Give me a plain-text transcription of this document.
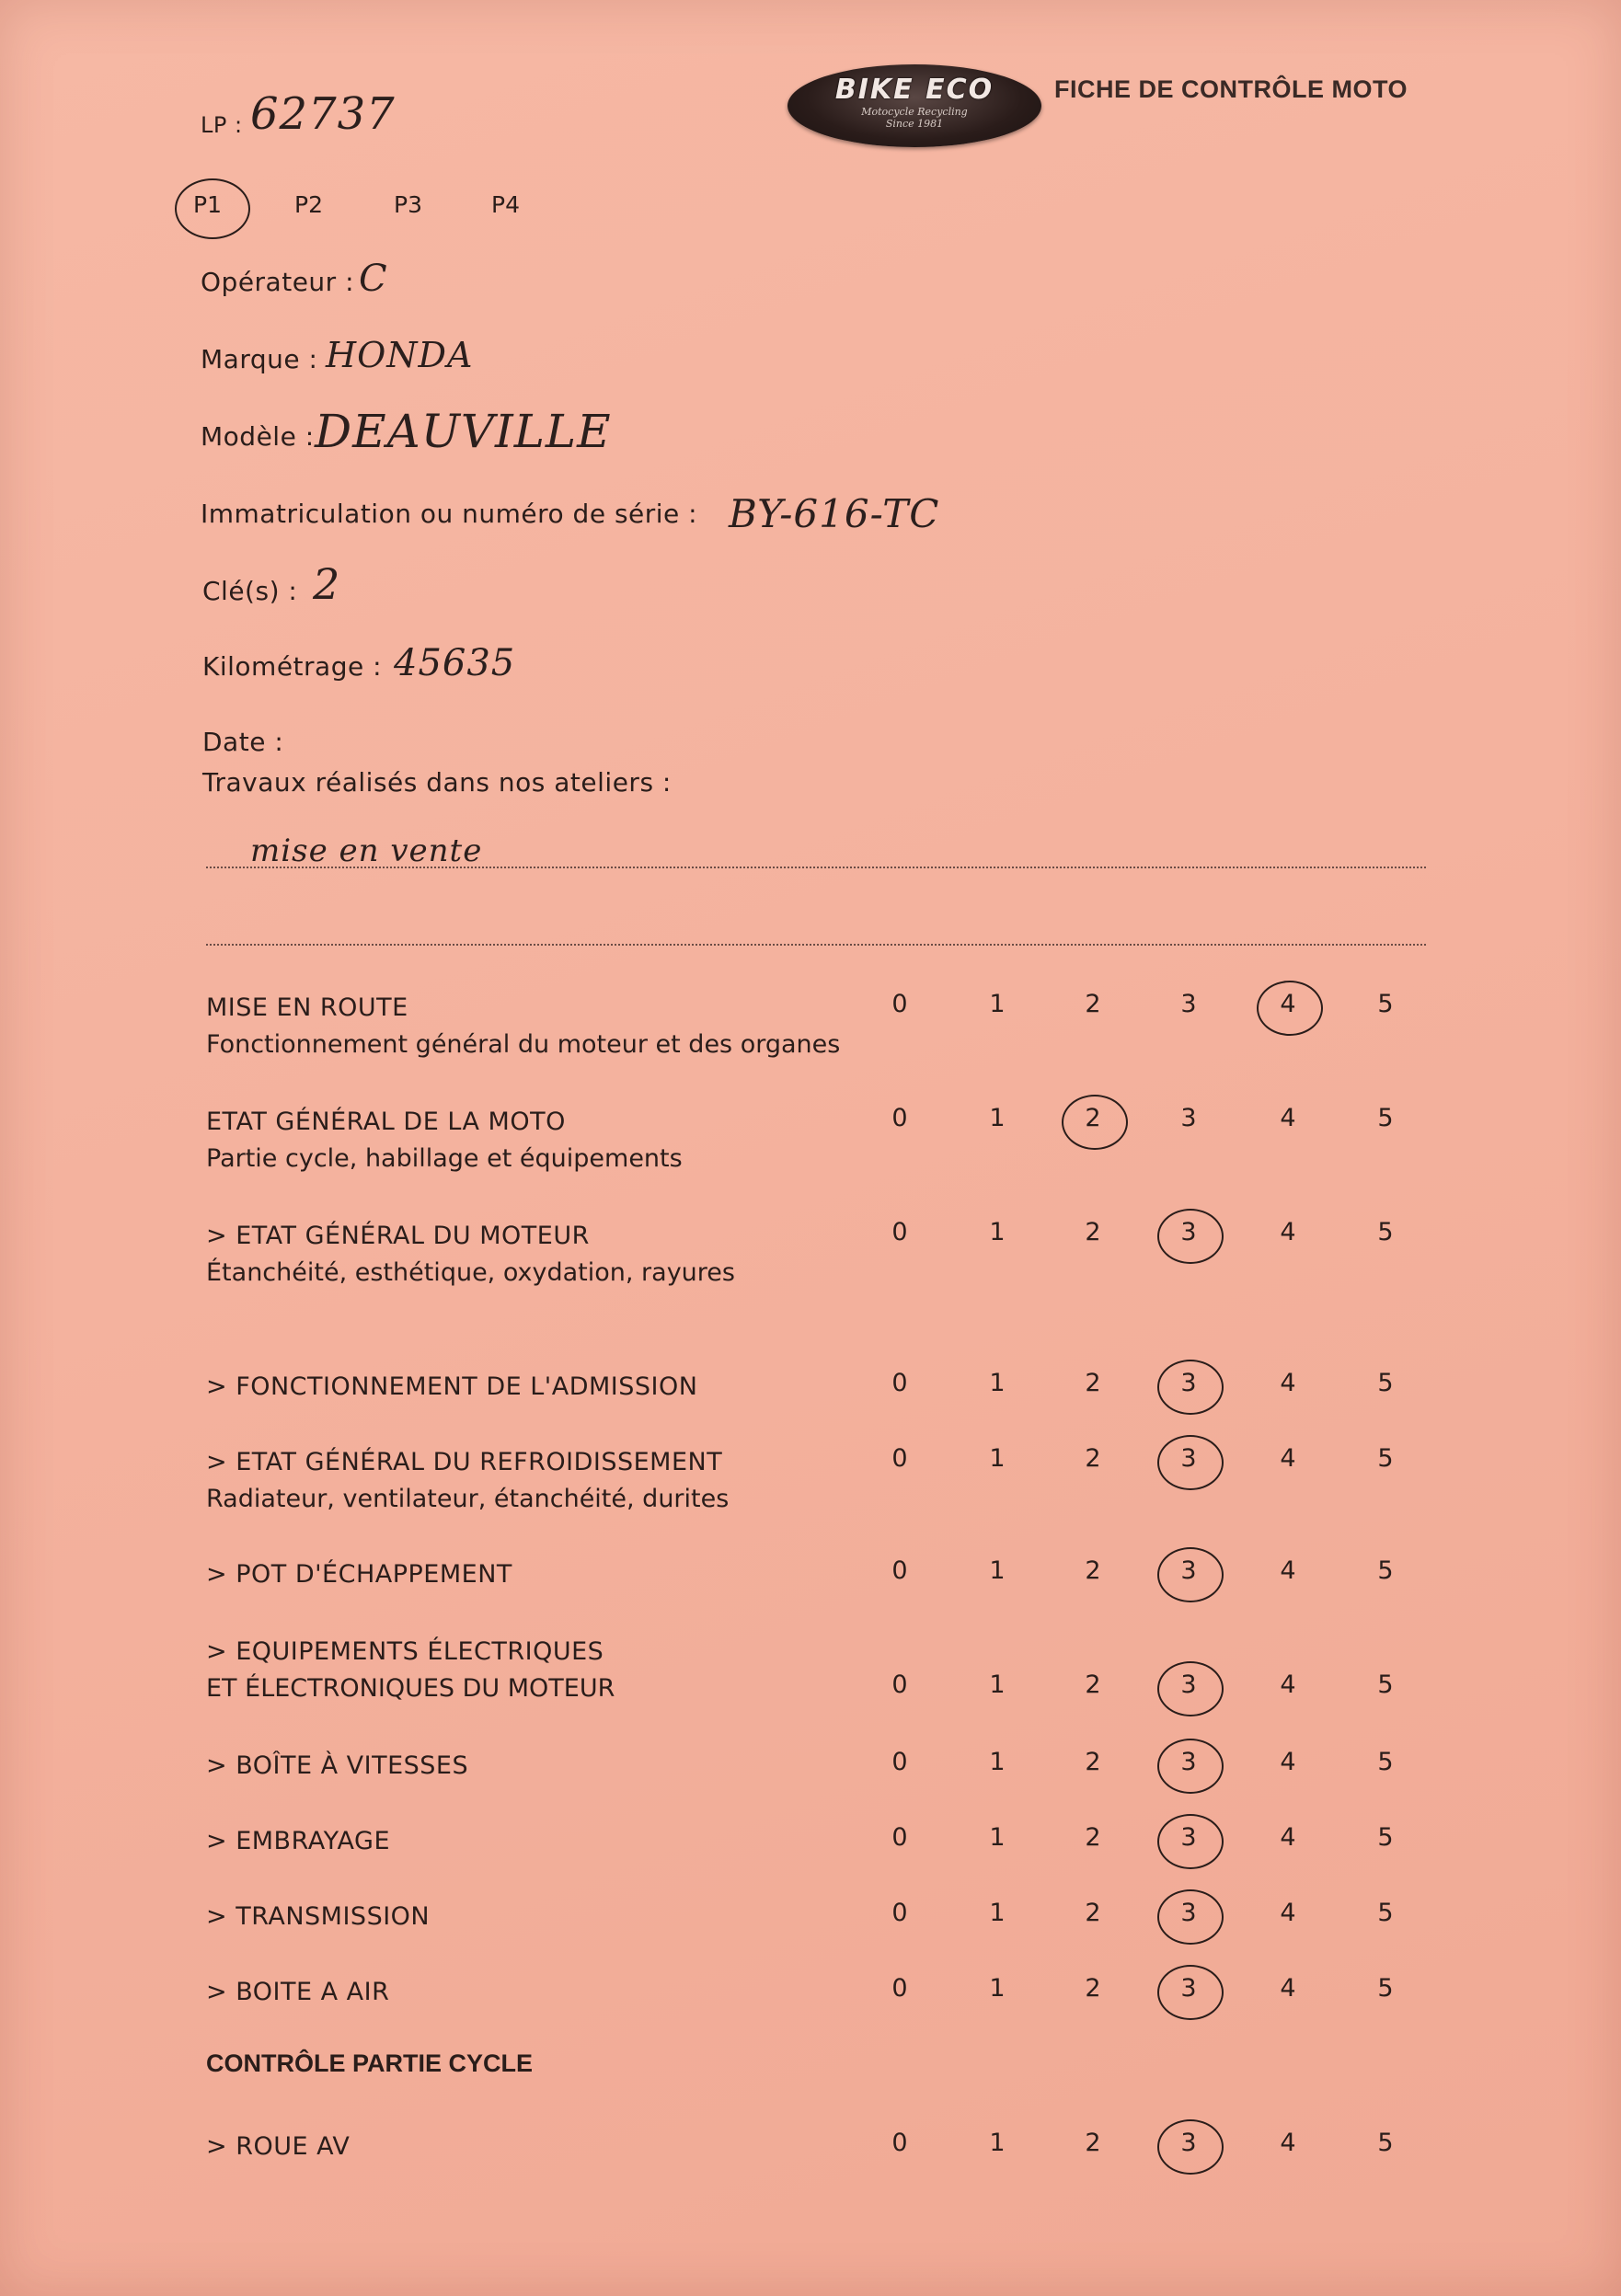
BIKE ECO
Motocycle Recycling
Since 1981
FICHE DE CONTRÔLE MOTO
LP : 62737
P1	P2	P3	P4
Opérateur : C
Marque : HONDA
Modèle : DEAUVILLE
Immatriculation ou numéro de série : BY-616-TC
Clé(s) : 2
Kilométrage : 45635
Date :
Travaux réalisés dans nos ateliers :
mise en vente
MISE EN ROUTE
Fonctionnement général du moteur et des organes
0	1	2	3	4	5
ETAT GÉNÉRAL DE LA MOTO
Partie cycle, habillage et équipements
0	1	2	3	4	5
> ETAT GÉNÉRAL DU MOTEUR
Étanchéité, esthétique, oxydation, rayures
0	1	2	3	4	5
> FONCTIONNEMENT DE L'ADMISSION	0	1	2	3	4	5
> ETAT GÉNÉRAL DU REFROIDISSEMENT
Radiateur, ventilateur, étanchéité, durites
0	1	2	3	4	5
> POT D'ÉCHAPPEMENT	0	1	2	3	4	5
> EQUIPEMENTS ÉLECTRIQUES
ET ÉLECTRONIQUES DU MOTEUR	0	1	2	3	4	5
> BOÎTE À VITESSES	0	1	2	3	4	5
> EMBRAYAGE	0	1	2	3	4	5
> TRANSMISSION	0	1	2	3	4	5
> BOITE A AIR	0	1	2	3	4	5
CONTRÔLE PARTIE CYCLE
> ROUE AV	0	1	2	3	4	5
